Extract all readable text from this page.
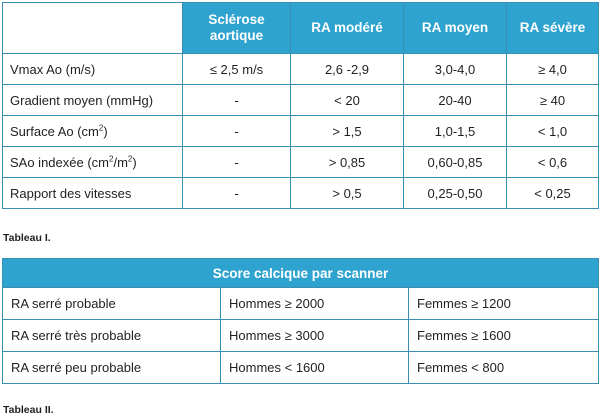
	Sclérose aortique	RA modéré	RA moyen	RA sévère
Vmax Ao (m/s)	≤ 2,5 m/s	2,6 -2,9	3,0-4,0	≥ 4,0
Gradient moyen (mmHg)	-	< 20	20-40	≥ 40
Surface Ao $(cm^2)$	-	> 1,5	1,0-1,5	< 1,0
SAo indexée $(cm^2/m^2)$	-	> 0,85	0,60-0,85	< 0,6
Rapport des vitesses	-	> 0,5	0,25-0,50	< 0,25
Tableau I.
Score calcique par scanner		
RA serré probable	Hommes ≥ 2000	Femmes ≥ 1200
RA serré très probable	Hommes ≥ 3000	Femmes ≥ 1600
RA serré peu probable	Hommes < 1600	Femmes < 800
Tableau II.
